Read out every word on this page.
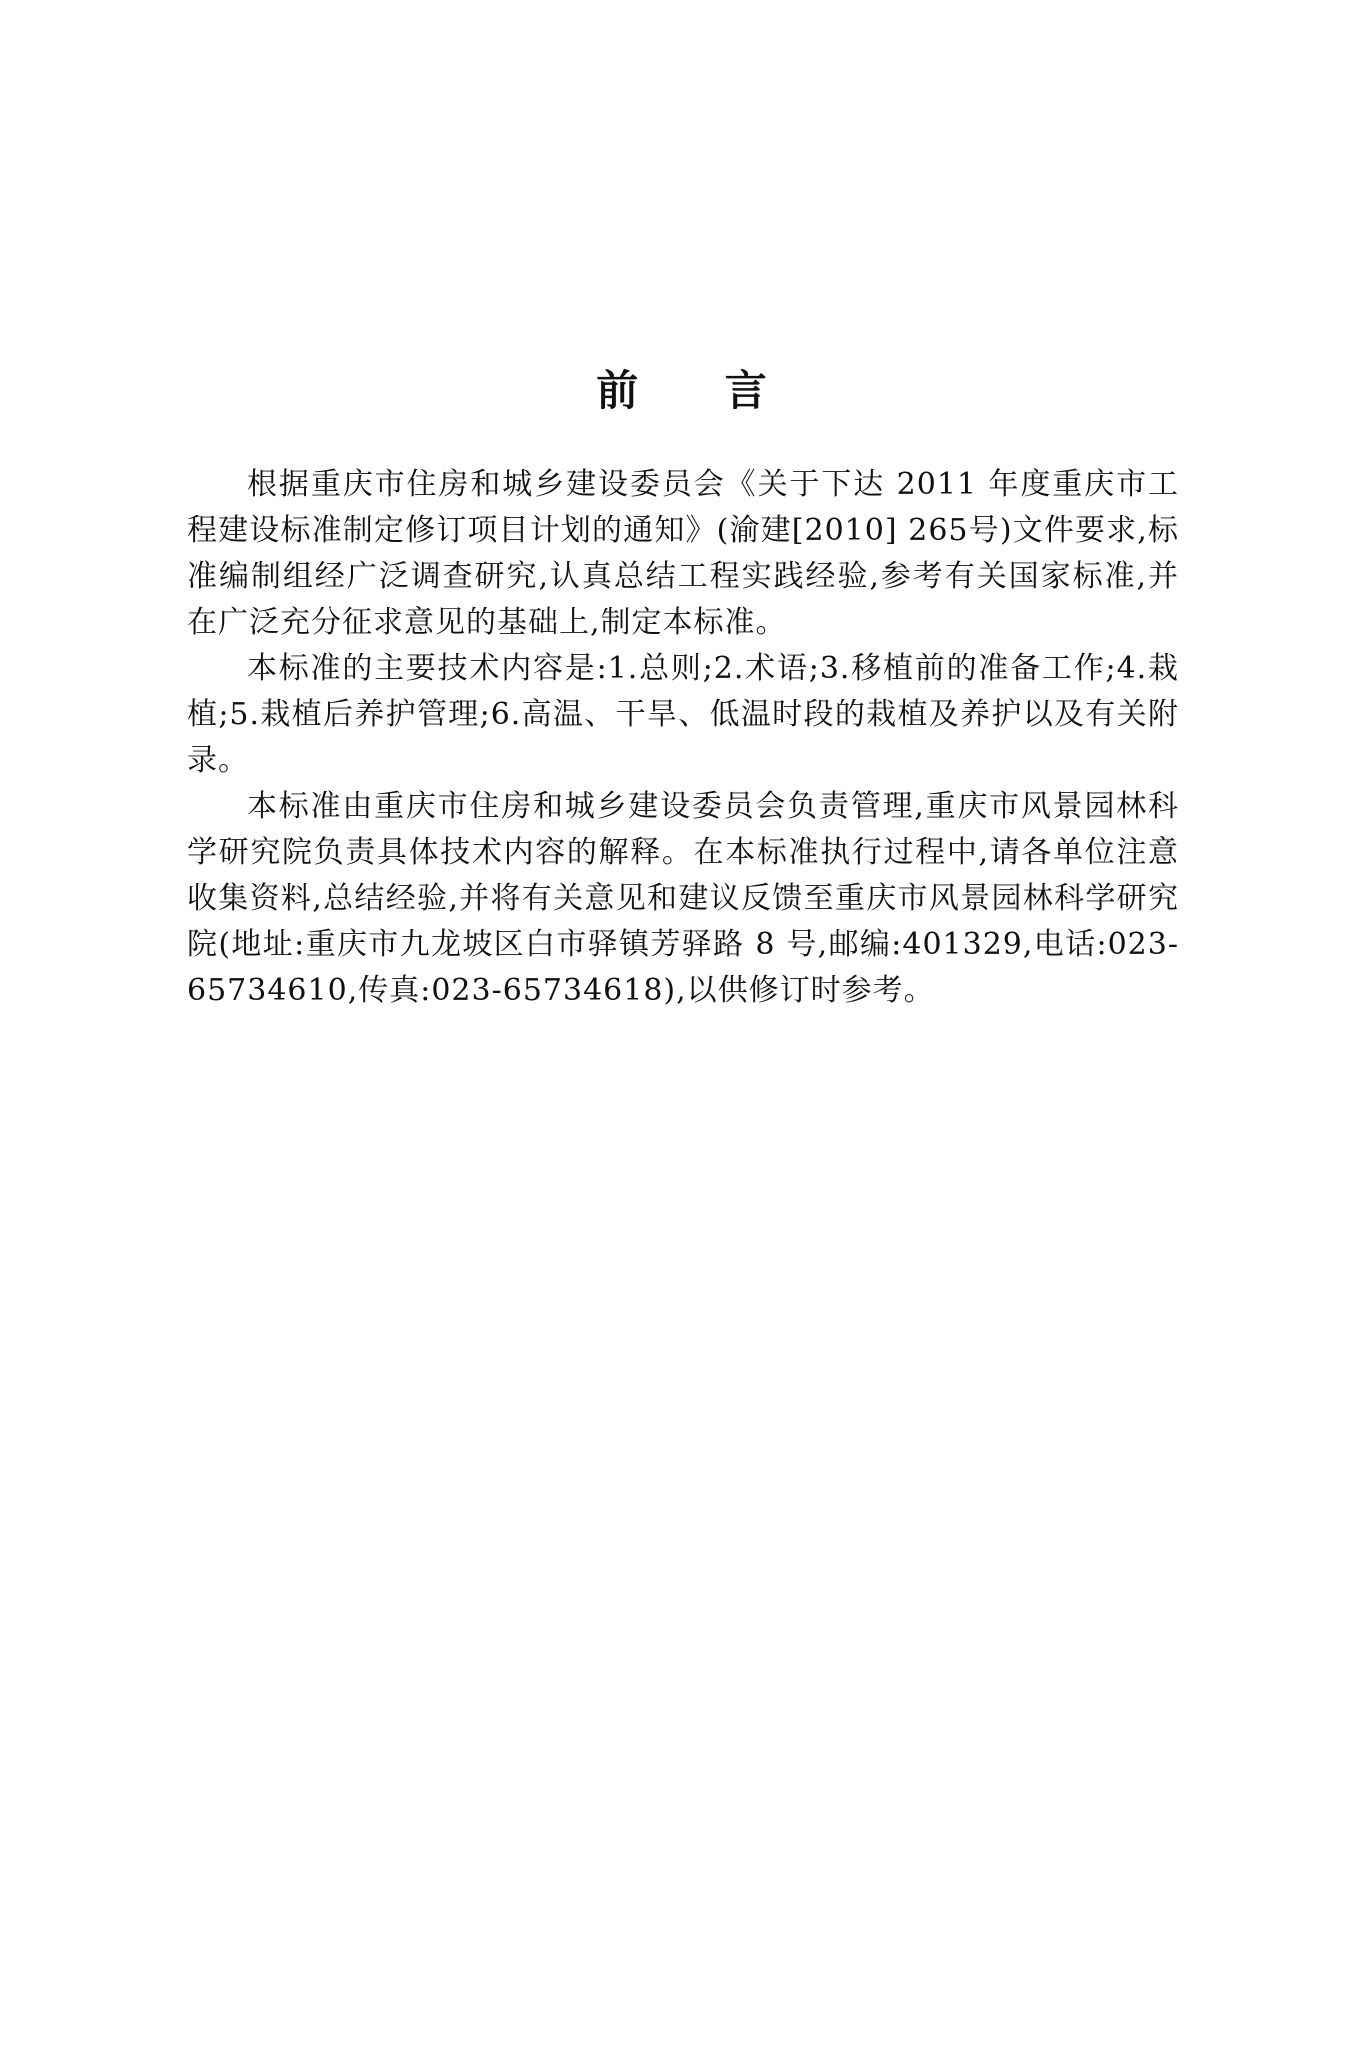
前 言

根据重庆市住房和城乡建设委员会《关于下达 2011 年度重庆市工程建设标准制定修订项目计划的通知》(渝建[2010] 265号)文件要求,标准编制组经广泛调查研究,认真总结工程实践经验,参考有关国家标准,并在广泛充分征求意见的基础上,制定本标准。

本标准的主要技术内容是:1.总则;2.术语;3.移植前的准备工作;4.栽植;5.栽植后养护管理;6.高温、干旱、低温时段的栽植及养护以及有关附录。

本标准由重庆市住房和城乡建设委员会负责管理,重庆市风景园林科学研究院负责具体技术内容的解释。在本标准执行过程中,请各单位注意收集资料,总结经验,并将有关意见和建议反馈至重庆市风景园林科学研究院(地址:重庆市九龙坡区白市驿镇芳驿路 8 号,邮编:401329,电话:023-65734610,传真:023-65734618),以供修订时参考。
